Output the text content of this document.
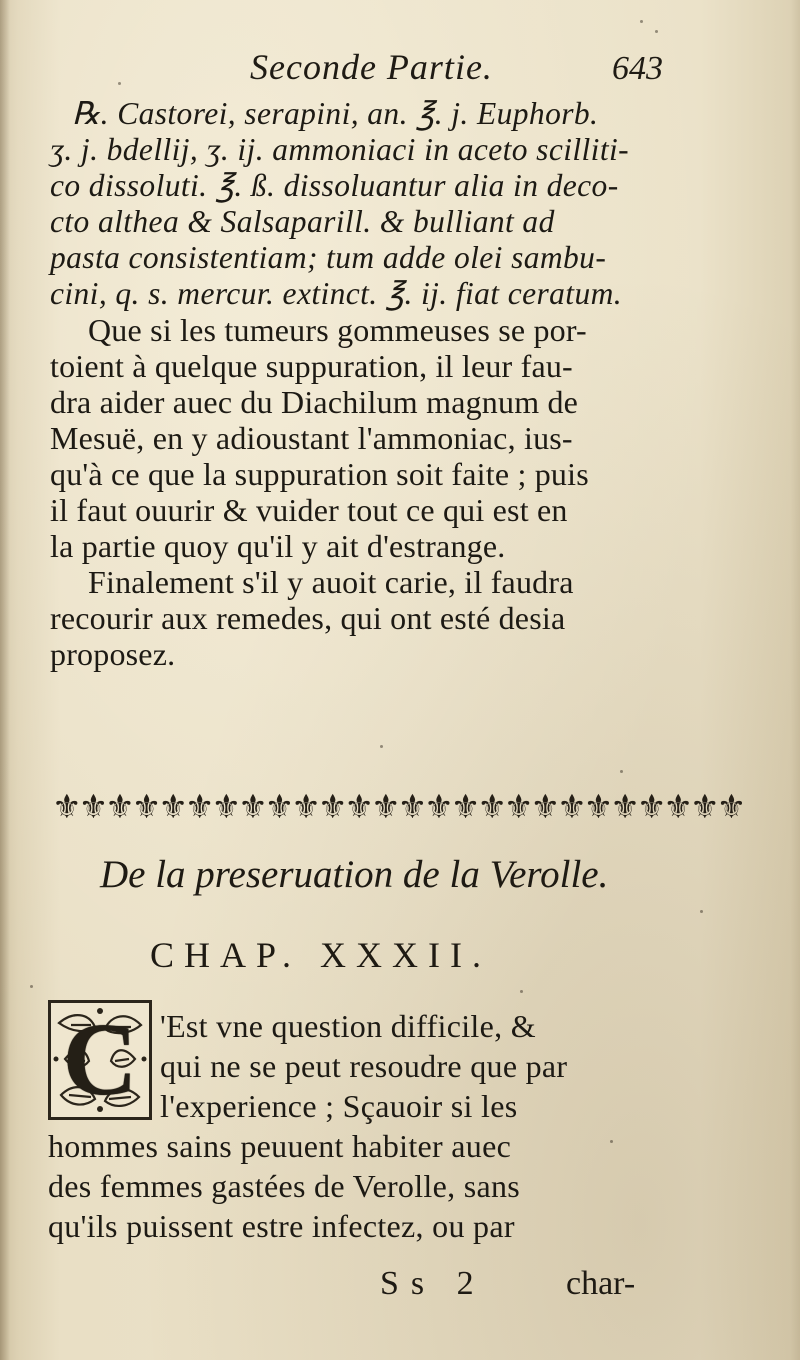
Seconde Partie.	643
℞. Castorei, serapini, an. ℥. j. Euphorb.
ʒ. j. bdellij, ʒ. ij. ammoniaci in aceto scilliti-
co dissoluti. ℥. ß. dissoluantur alia in deco-
cto althea & Salsaparill. & bulliant ad
pasta consistentiam; tum adde olei sambu-
cini, q. s. mercur. extinct. ℥. ij. fiat ceratum.
Que si les tumeurs gommeuses se por-
toient à quelque suppuration, il leur fau-
dra aider auec du Diachilum magnum de
Mesuë, en y adioustant l'ammoniac, ius-
qu'à ce que la suppuration soit faite ; puis
il faut ouurir & vuider tout ce qui est en
la partie quoy qu'il y ait d'estrange.
Finalement s'il y auoit carie, il faudra
recourir aux remedes, qui ont esté desia
proposez.
⚜⚜⚜⚜⚜⚜⚜⚜⚜⚜⚜⚜⚜⚜⚜⚜⚜⚜⚜⚜⚜⚜⚜⚜⚜⚜
De la preseruation de la Verolle.
CHAP. XXXII.
C 'Est vne question difficile, &
qui ne se peut resoudre que par
l'experience ; Sçauoir si les
hommes sains peuuent habiter auec
des femmes gastées de Verolle, sans
qu'ils puissent estre infectez, ou par
Ss 2 char-
